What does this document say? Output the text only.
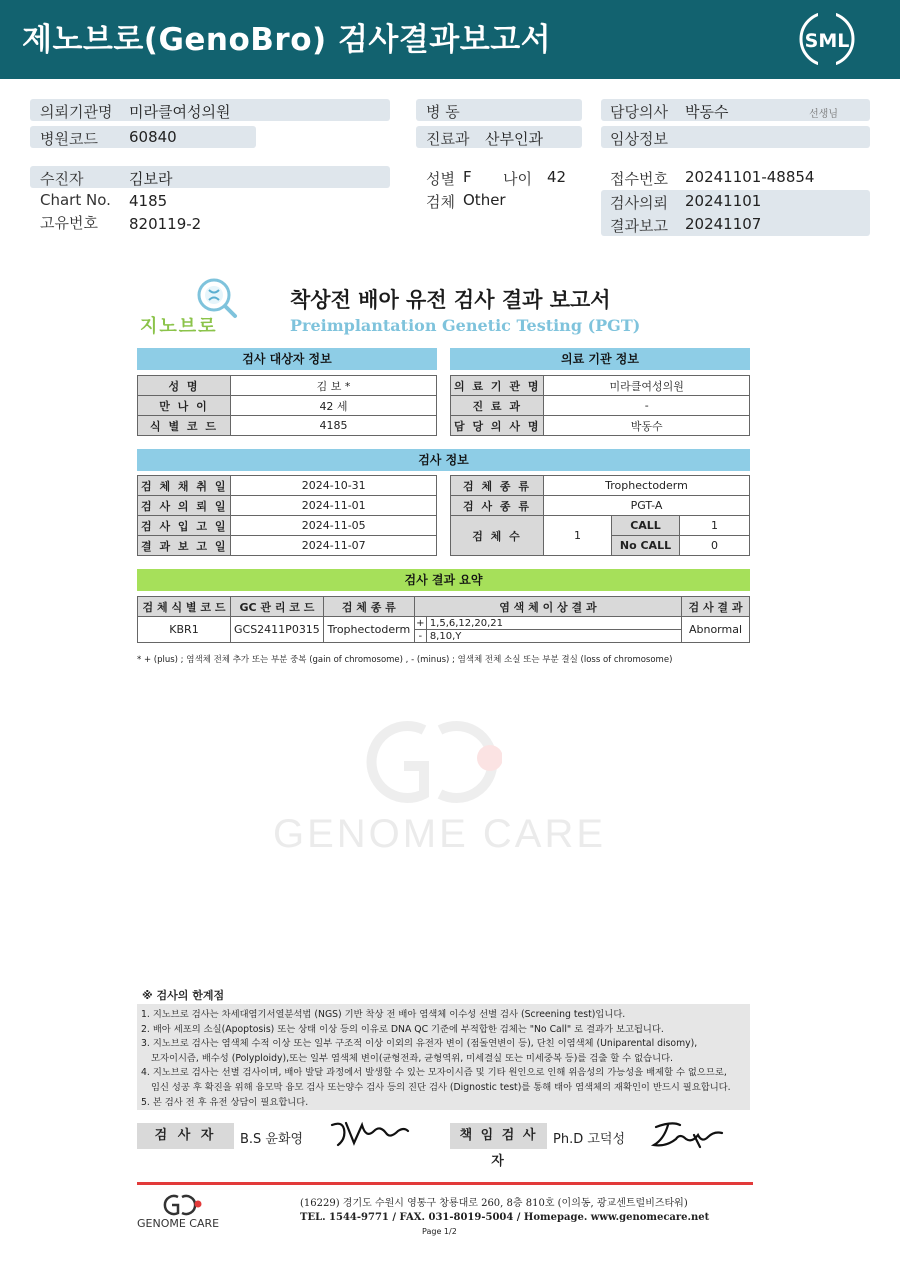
제노브로(GenoBro) 검사결과보고서	SML
의뢰기관명 미라클여성의원
병원코드 60840
병 동
진료과 산부인과
담당의사 박동수	선생님
임상정보
수진자	김보라
Chart No. 4185
고유번호 820119-2
성별 F 나이 42
검체 Other
접수번호 20241101-48854
검사의뢰 20241101
결과보고 20241107
지노브로
착상전 배아 유전 검사 결과 보고서
Preimplantation Genetic Testing (PGT)
검사 대상자 정보
성 명	김 보 *
만 나 이	42 세
식 별 코 드	4185
의료 기관 정보
의 료 기 관 명	미라클여성의원
진 료 과	-
담 당 의 사 명	박동수
검사 정보
검 체 채 취 일	2024-10-31
검 사 의 뢰 일	2024-11-01
검 사 입 고 일	2024-11-05
결 과 보 고 일	2024-11-07
검 체 종 류	Trophectoderm		
검 사 종 류	PGT-A		
검 체 수	1	CALL	1
		No CALL	0
검사 결과 요약
검 체 식 별 코 드	GC 관 리 코 드	검 체 종 류	염 색 체 이 상 결 과		검 사 결 과
KBR1	GCS2411P0315	Trophectoderm	+	1,5,6,12,20,21	Abnormal
			-	8,10,Y	
* + (plus) ; 염색체 전체 추가 또는 부분 중복 (gain of chromosome) , - (minus) ; 염색체 전체 소실 또는 부분 결실 (loss of chromosome)
GENOME CARE
※ 검사의 한계점
1. 지노브로 검사는 차세대염기서열분석법 (NGS) 기반 착상 전 배아 염색체 이수성 선별 검사 (Screening test)입니다.
2. 배아 세포의 소실(Apoptosis) 또는 상태 이상 등의 이유로 DNA QC 기준에 부적합한 검체는 "No Call" 로 결과가 보고됩니다.
3. 지노브로 검사는 염색체 수적 이상 또는 일부 구조적 이상 이외의 유전자 변이 (점돌연변이 등), 단친 이염색체 (Uniparental disomy),
모자이시즘, 배수성 (Polyploidy),또는 일부 염색체 변이(균형전좌, 균형역위, 미세결실 또는 미세중복 등)를 검출 할 수 없습니다.
4. 지노브로 검사는 선별 검사이며, 배아 발달 과정에서 발생할 수 있는 모자이시즘 및 기타 원인으로 인해 위음성의 가능성을 배제할 수 없으므로,
임신 성공 후 확진을 위해 융모막 융모 검사 또는양수 검사 등의 진단 검사 (Dignostic test)를 통해 태아 염색체의 재확인이 반드시 필요합니다.
5. 본 검사 전 후 유전 상담이 필요합니다.
검 사 자	B.S 윤화영	책 임 검 사 자
Ph.D 고덕성
GENOME CARE
(16229) 경기도 수원시 영통구 창룡대로 260, 8층 810호 (이의동, 광교센트럴비즈타워)
TEL. 1544-9771 / FAX. 031-8019-5004 / Homepage. www.genomecare.net
Page 1/2
